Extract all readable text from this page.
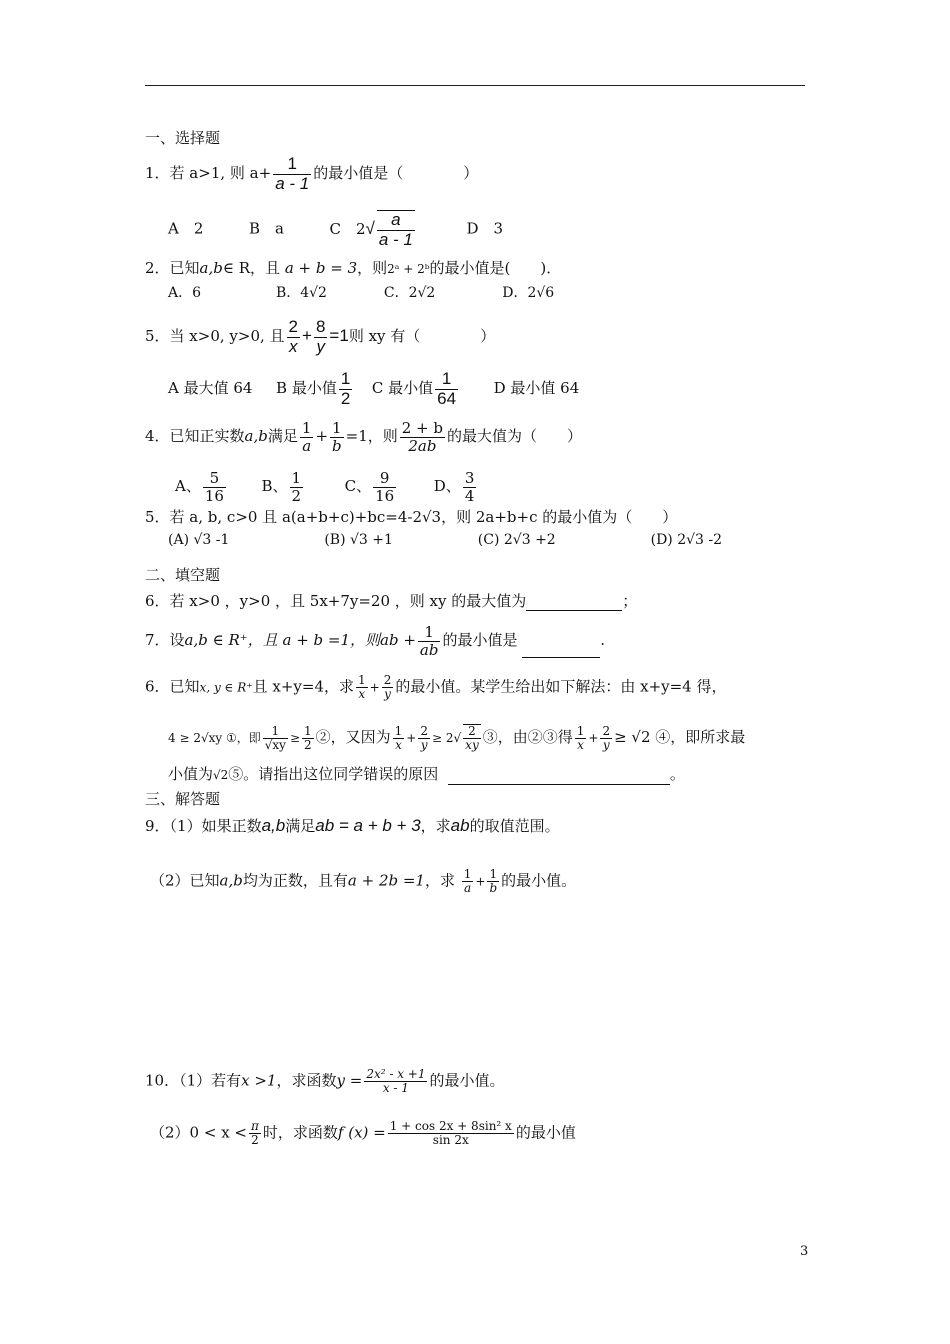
一、选择题
1．若 a>1, 则 $a+ \frac{1}{a - 1}$ 的最小值是（　　　　）
A　2	B　a	C　$2√ \frac{a}{a - 1}$	D　3
2．已知a,b∈ R，且 a + b = 3，则2ᵃ + 2ᵇ的最小值是(　　)．
A．6	B．4√2	C．2√2	D．2√6
5．当 x>0, y>0, 且 $\frac{2}{x} + \frac{8}{y} =1$则 xy 有（　　　　）
A 最大值 64 B 最小值 $\frac{1}{2}$ C 最小值 $\frac{1}{64}$ D 最小值 64
4．已知正实数a,b满足 $\frac{1}{a} + \frac{1}{b} =1$，则 $\frac{2 + b}{2ab}$ 的最大值为（　　）
A、 $\frac{5}{16}$ B、 $\frac{1}{2}$	C、 $\frac{9}{16}$	D、 $\frac{3}{4}$
5．若 a, b, c>0 且 a(a+b+c)+bc=4-2√3，则 2a+b+c 的最小值为（　　）
(A) √3 -1	(B) √3 +1	(C) 2√3 +2	(D) 2√3 -2
二、填空题
6．若 x>0 ，y>0 ，且 5x+7y=20 ，则 xy 的最大值为	；
7．设a,b ∈ R⁺，且 a + b =1，则ab + $\frac{1}{ab}$ 的最小值是	.
6．已知x, y ∈ R⁺且 x+y=4，求 $\frac{1}{x} + \frac{2}{y}$ 的最小值。某学生给出如下解法：由 x+y=4 得，
4 ≥ 2√xy ①，即 $\frac{1}{√xy} \ge \frac{1}{2}$ ②，又因为 $\frac{1}{x} + \frac{2}{y} \ge 2√ \frac{2}{xy}$ ③，由②③得 $\frac{1}{x} + \frac{2}{y} \ge √2$ ④，即所求最
小值为√2⑤。请指出这位同学错误的原因	。
三、解答题
9．（1）如果正数a,b满足ab = a + b + 3，求ab的取值范围。
（2）已知a,b均为正数，且有a + 2b =1，求 $\frac{1}{a} + \frac{1}{b}$ 的最小值。
10．（1）若有x >1，求函数$y = \frac{\text{2x² - x +1}}{x - 1}$ 的最小值。
$(2)0 < x < \frac{\pi}{2}$ 时，求函数f $(x) = \frac{\text{1 + cos 2x + 8sin² x}}{\sin 2x}$ 的最小值
3
